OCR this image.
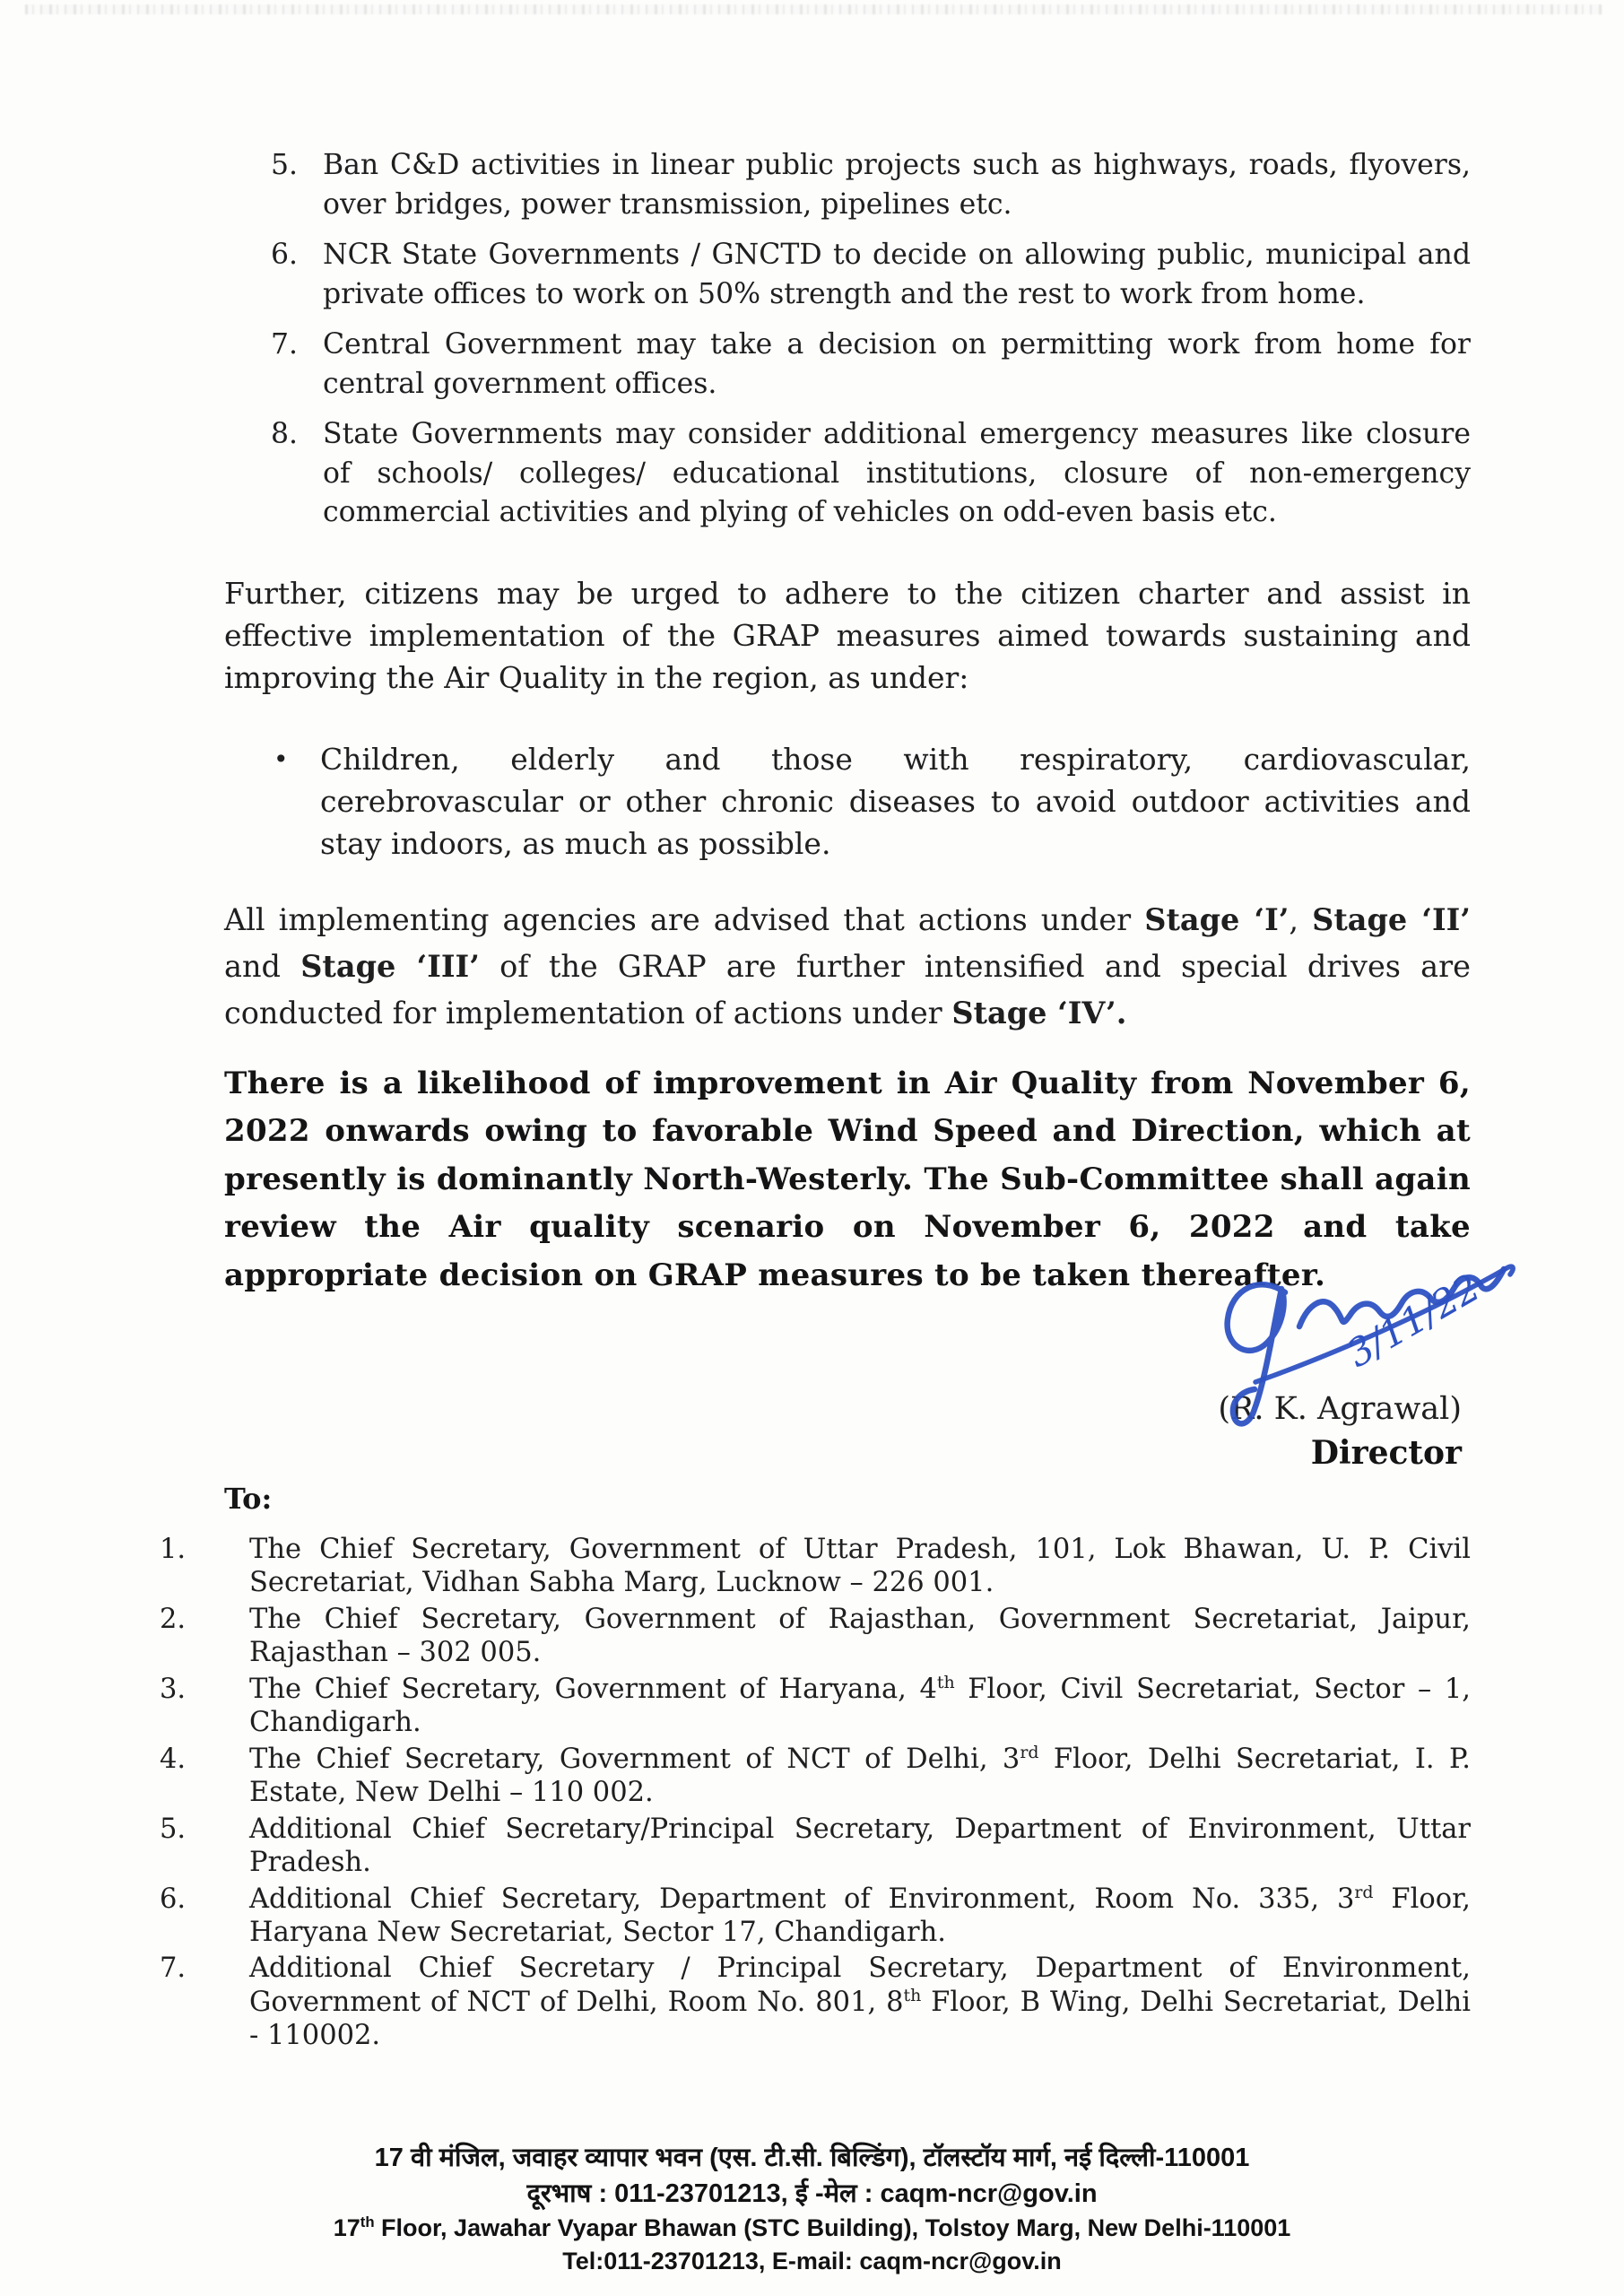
5. Ban C&D activities in linear public projects such as highways, roads, flyovers, over bridges, power transmission, pipelines etc.
6. NCR State Governments / GNCTD to decide on allowing public, municipal and private offices to work on 50% strength and the rest to work from home.
7. Central Government may take a decision on permitting work from home for central government offices.
8. State Governments may consider additional emergency measures like closure of schools/ colleges/ educational institutions, closure of non-emergency commercial activities and plying of vehicles on odd-even basis etc.

Further, citizens may be urged to adhere to the citizen charter and assist in effective implementation of the GRAP measures aimed towards sustaining and improving the Air Quality in the region, as under:

•	Children, elderly and those with respiratory, cardiovascular, cerebrovascular or other chronic diseases to avoid outdoor activities and stay indoors, as much as possible.

All implementing agencies are advised that actions under Stage ‘I’, Stage ‘II’ and Stage ‘III’ of the GRAP are further intensified and special drives are conducted for implementation of actions under Stage ‘IV’.

There is a likelihood of improvement in Air Quality from November 6, 2022 onwards owing to favorable Wind Speed and Direction, which at presently is dominantly North-Westerly. The Sub-Committee shall again review the Air quality scenario on November 6, 2022 and take appropriate decision on GRAP measures to be taken thereafter. 3/11/22
(R. K. Agrawal)
Director
To:
1.	The Chief Secretary, Government of Uttar Pradesh, 101, Lok Bhawan, U. P. Civil Secretariat, Vidhan Sabha Marg, Lucknow – 226 001.
2.	The Chief Secretary, Government of Rajasthan, Government Secretariat, Jaipur, Rajasthan – 302 005.
3.	The Chief Secretary, Government of Haryana, 4th Floor, Civil Secretariat, Sector – 1, Chandigarh.
4.	The Chief Secretary, Government of NCT of Delhi, 3rd Floor, Delhi Secretariat, I. P. Estate, New Delhi – 110 002.
5.	Additional Chief Secretary/Principal Secretary, Department of Environment, Uttar Pradesh.
6.	Additional Chief Secretary, Department of Environment, Room No. 335, 3rd Floor, Haryana New Secretariat, Sector 17, Chandigarh.
7.	Additional Chief Secretary / Principal Secretary, Department of Environment, Government of NCT of Delhi, Room No. 801, 8th Floor, B Wing, Delhi Secretariat, Delhi - 110002.
17 वी मंजिल, जवाहर व्यापार भवन (एस. टी.सी. बिल्डिंग), टॉलस्टॉय मार्ग, नई दिल्ली-110001
दूरभाष : 011-23701213, ई -मेल : caqm-ncr@gov.in
17th Floor, Jawahar Vyapar Bhawan (STC Building), Tolstoy Marg, New Delhi-110001
Tel:011-23701213, E-mail: caqm-ncr@gov.in
